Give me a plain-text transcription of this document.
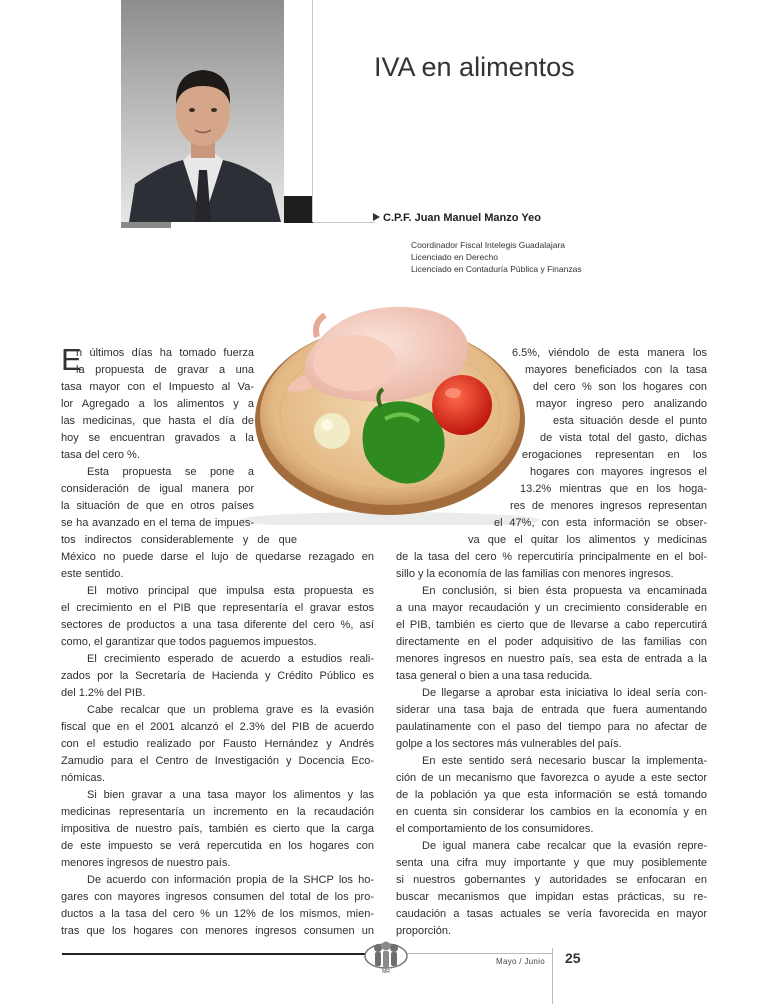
IVA en alimentos
C.P.F. Juan Manuel Manzo Yeo
Coordinador Fiscal Intelegis Guadalajara
Licenciado en Derecho
Licenciado en Contaduría Pública y Finanzas
E
n últimos días ha tomado fuerza
la propuesta de gravar a una
tasa mayor con el Impuesto al Va-
lor Agregado a los alimentos y a
las medicinas, que hasta el día de
hoy se encuentran gravados a la
tasa del cero %.
Esta propuesta se pone a
consideración de igual manera por
la situación de que en otros países
se ha avanzado en el tema de impues-
tos indirectos considerablemente y de que
México no puede darse el lujo de quedarse rezagado en
este sentido.
El motivo principal que impulsa esta propuesta es
el crecimiento en el PIB que representaría el gravar estos
sectores de productos a una tasa diferente del cero %, así
como, el garantizar que todos paguemos impuestos.
El crecimiento esperado de acuerdo a estudios reali-
zados por la Secretaría de Hacienda y Crédito Público es
del 1.2% del PIB.
Cabe recalcar que un problema grave es la evasión
fiscal que en el 2001 alcanzó el 2.3% del PIB de acuerdo
con el estudio realizado por Fausto Hernández y Andrés
Zamudio para el Centro de Investigación y Docencia Eco-
nómicas.
Si bien gravar a una tasa mayor los alimentos y las
medicinas representaría un incremento en la recaudación
impositiva de nuestro país, también es cierto que la carga
de este impuesto se verá repercutida en los hogares con
menores ingresos de nuestro país.
De acuerdo con información propia de la SHCP los ho-
gares con mayores ingresos consumen del total de los pro-
ductos a la tasa del cero % un 12% de los mismos, mien-
tras que los hogares con menores ingresos consumen un
6.5%, viéndolo de esta manera los
mayores beneficiados con la tasa
del cero % son los hogares con
mayor ingreso pero analizando
esta situación desde el punto
de vista total del gasto, dichas
erogaciones representan en los
hogares con mayores ingresos el
13.2% mientras que en los hoga-
res de menores ingresos representan
el 47%, con esta información se obser-
va que el quitar los alimentos y medicinas
de la tasa del cero % repercutiría principalmente en el bol-
sillo y la economía de las familias con menores ingresos.
En conclusión, si bien ésta propuesta va encaminada
a una mayor recaudación y un crecimiento considerable en
el PIB, también es cierto que de llevarse a cabo repercutirá
directamente en el poder adquisitivo de las familias con
menores ingresos en nuestro país, sea esta de entrada a la
tasa general o bien a una tasa reducida.
De llegarse a aprobar esta iniciativa lo ideal sería con-
siderar una tasa baja de entrada que fuera aumentando
paulatinamente con el paso del tiempo para no afectar de
golpe a los sectores más vulnerables del país.
En este sentido será necesario buscar la implementa-
ción de un mecanismo que favorezca o ayude a este sector
de la población ya que esta información se está tomando
en cuenta sin considerar los cambios en la economía y en
el comportamiento de los consumidores.
De igual manera cabe recalcar que la evasión repre-
senta una cifra muy importante y que muy posiblemente
si nuestros gobernantes y autoridades se enfocaran en
buscar mecanismos que impidan estas prácticas, su re-
caudación a tasas actuales se vería favorecida en mayor
proporción.
MR
Mayo / Junio 25
